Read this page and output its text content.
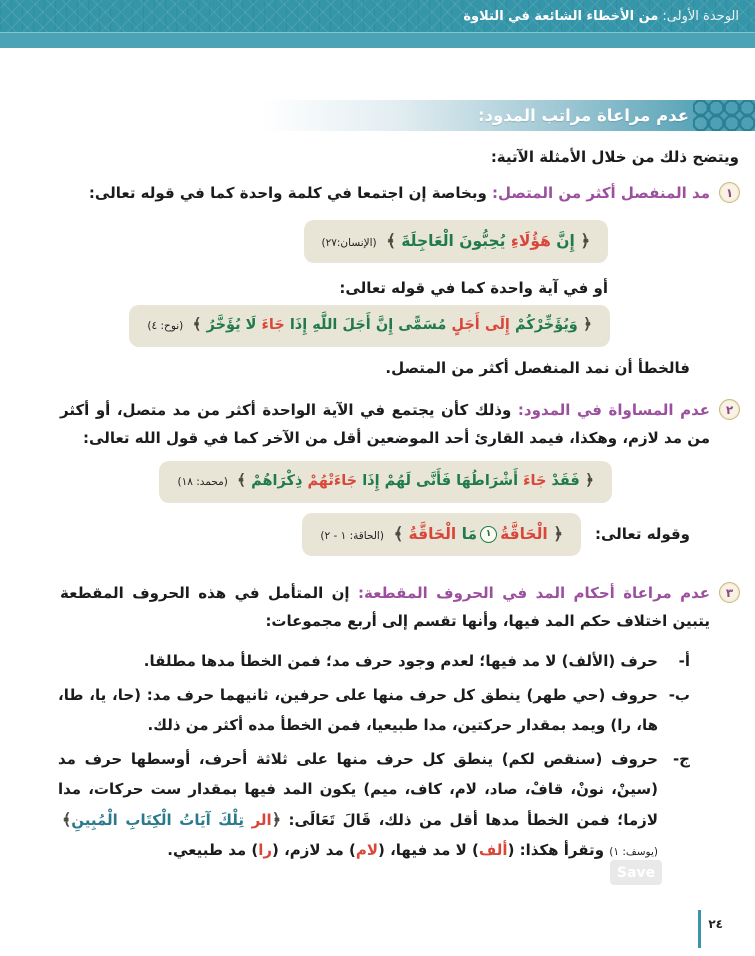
الوحدة الأولى:
من الأخطاء الشائعة في التلاوة
عدم مراعاة مراتب المدود:

ويتضح ذلك من خلال الأمثلة الآتية:

١

مد المنفصل أكثر من المتصل: وبخاصة إن اجتمعا في كلمة واحدة كما في قوله تعالى:

﴿ إِنَّ هَؤُلَاءِ يُحِبُّونَ الْعَاجِلَةَ ﴾ (الإنسان:٢٧)

أو في آية واحدة كما في قوله تعالى:

﴿ وَيُؤَخِّرْكُمْ إِلَى أَجَلٍ مُسَمًّى إِنَّ أَجَلَ اللَّهِ إِذَا جَاءَ لَا يُؤَخَّرُ ﴾ (نوح: ٤)

فالخطأ أن نمد المنفصل أكثر من المتصل.

٢

عدم المساواة في المدود: وذلك كأن يجتمع في الآية الواحدة أكثر من مد متصل، أو أكثر من مد لازم، وهكذا، فيمد القارئ أحد الموضعين أقل من الآخر كما في قول الله تعالى:

﴿ فَقَدْ جَاءَ أَشْرَاطُهَا فَأَنَّى لَهُمْ إِذَا جَاءَتْهُمْ ذِكْرَاهُمْ ﴾ (محمد: ١٨)
وقوله تعالى:
﴿ الْحَاقَّةُ١مَا الْحَاقَّةُ ﴾ (الحاقة: ١ - ٢)
٣

عدم مراعاة أحكام المد في الحروف المقطعة: إن المتأمل في هذه الحروف المقطعة يتبين اختلاف حكم المد فيها، وأنها تقسم إلى أربع مجموعات:

أ-

حرف (الألف) لا مد فيها؛ لعدم وجود حرف مد؛ فمن الخطأ مدها مطلقا.

ب-

حروف (حي طهر) ينطق كل حرف منها على حرفين، ثانيهما حرف مد: (حا، يا، طا، ها، را) ويمد بمقدار حركتين، مدا طبيعيا، فمن الخطأ مده أكثر من ذلك.

ج-

حروف (سنقص لكم) ينطق كل حرف منها على ثلاثة أحرف، أوسطها حرف مد (سينْ، نونْ، قافْ، صاد، لام، كاف، ميم) يكون المد فيها بمقدار ست حركات، مدا لازما؛ فمن الخطأ مدها أقل من ذلك، قَالَ تَعَالَى: ﴿الر تِلْكَ آيَاتُ الْكِتَابِ الْمُبِينِ﴾ (يوسف: ١) وتقرأ هكذا: (ألف) لا مد فيها، (لام) مد لازم، (را) مد طبيعي.

Save
٢٤
